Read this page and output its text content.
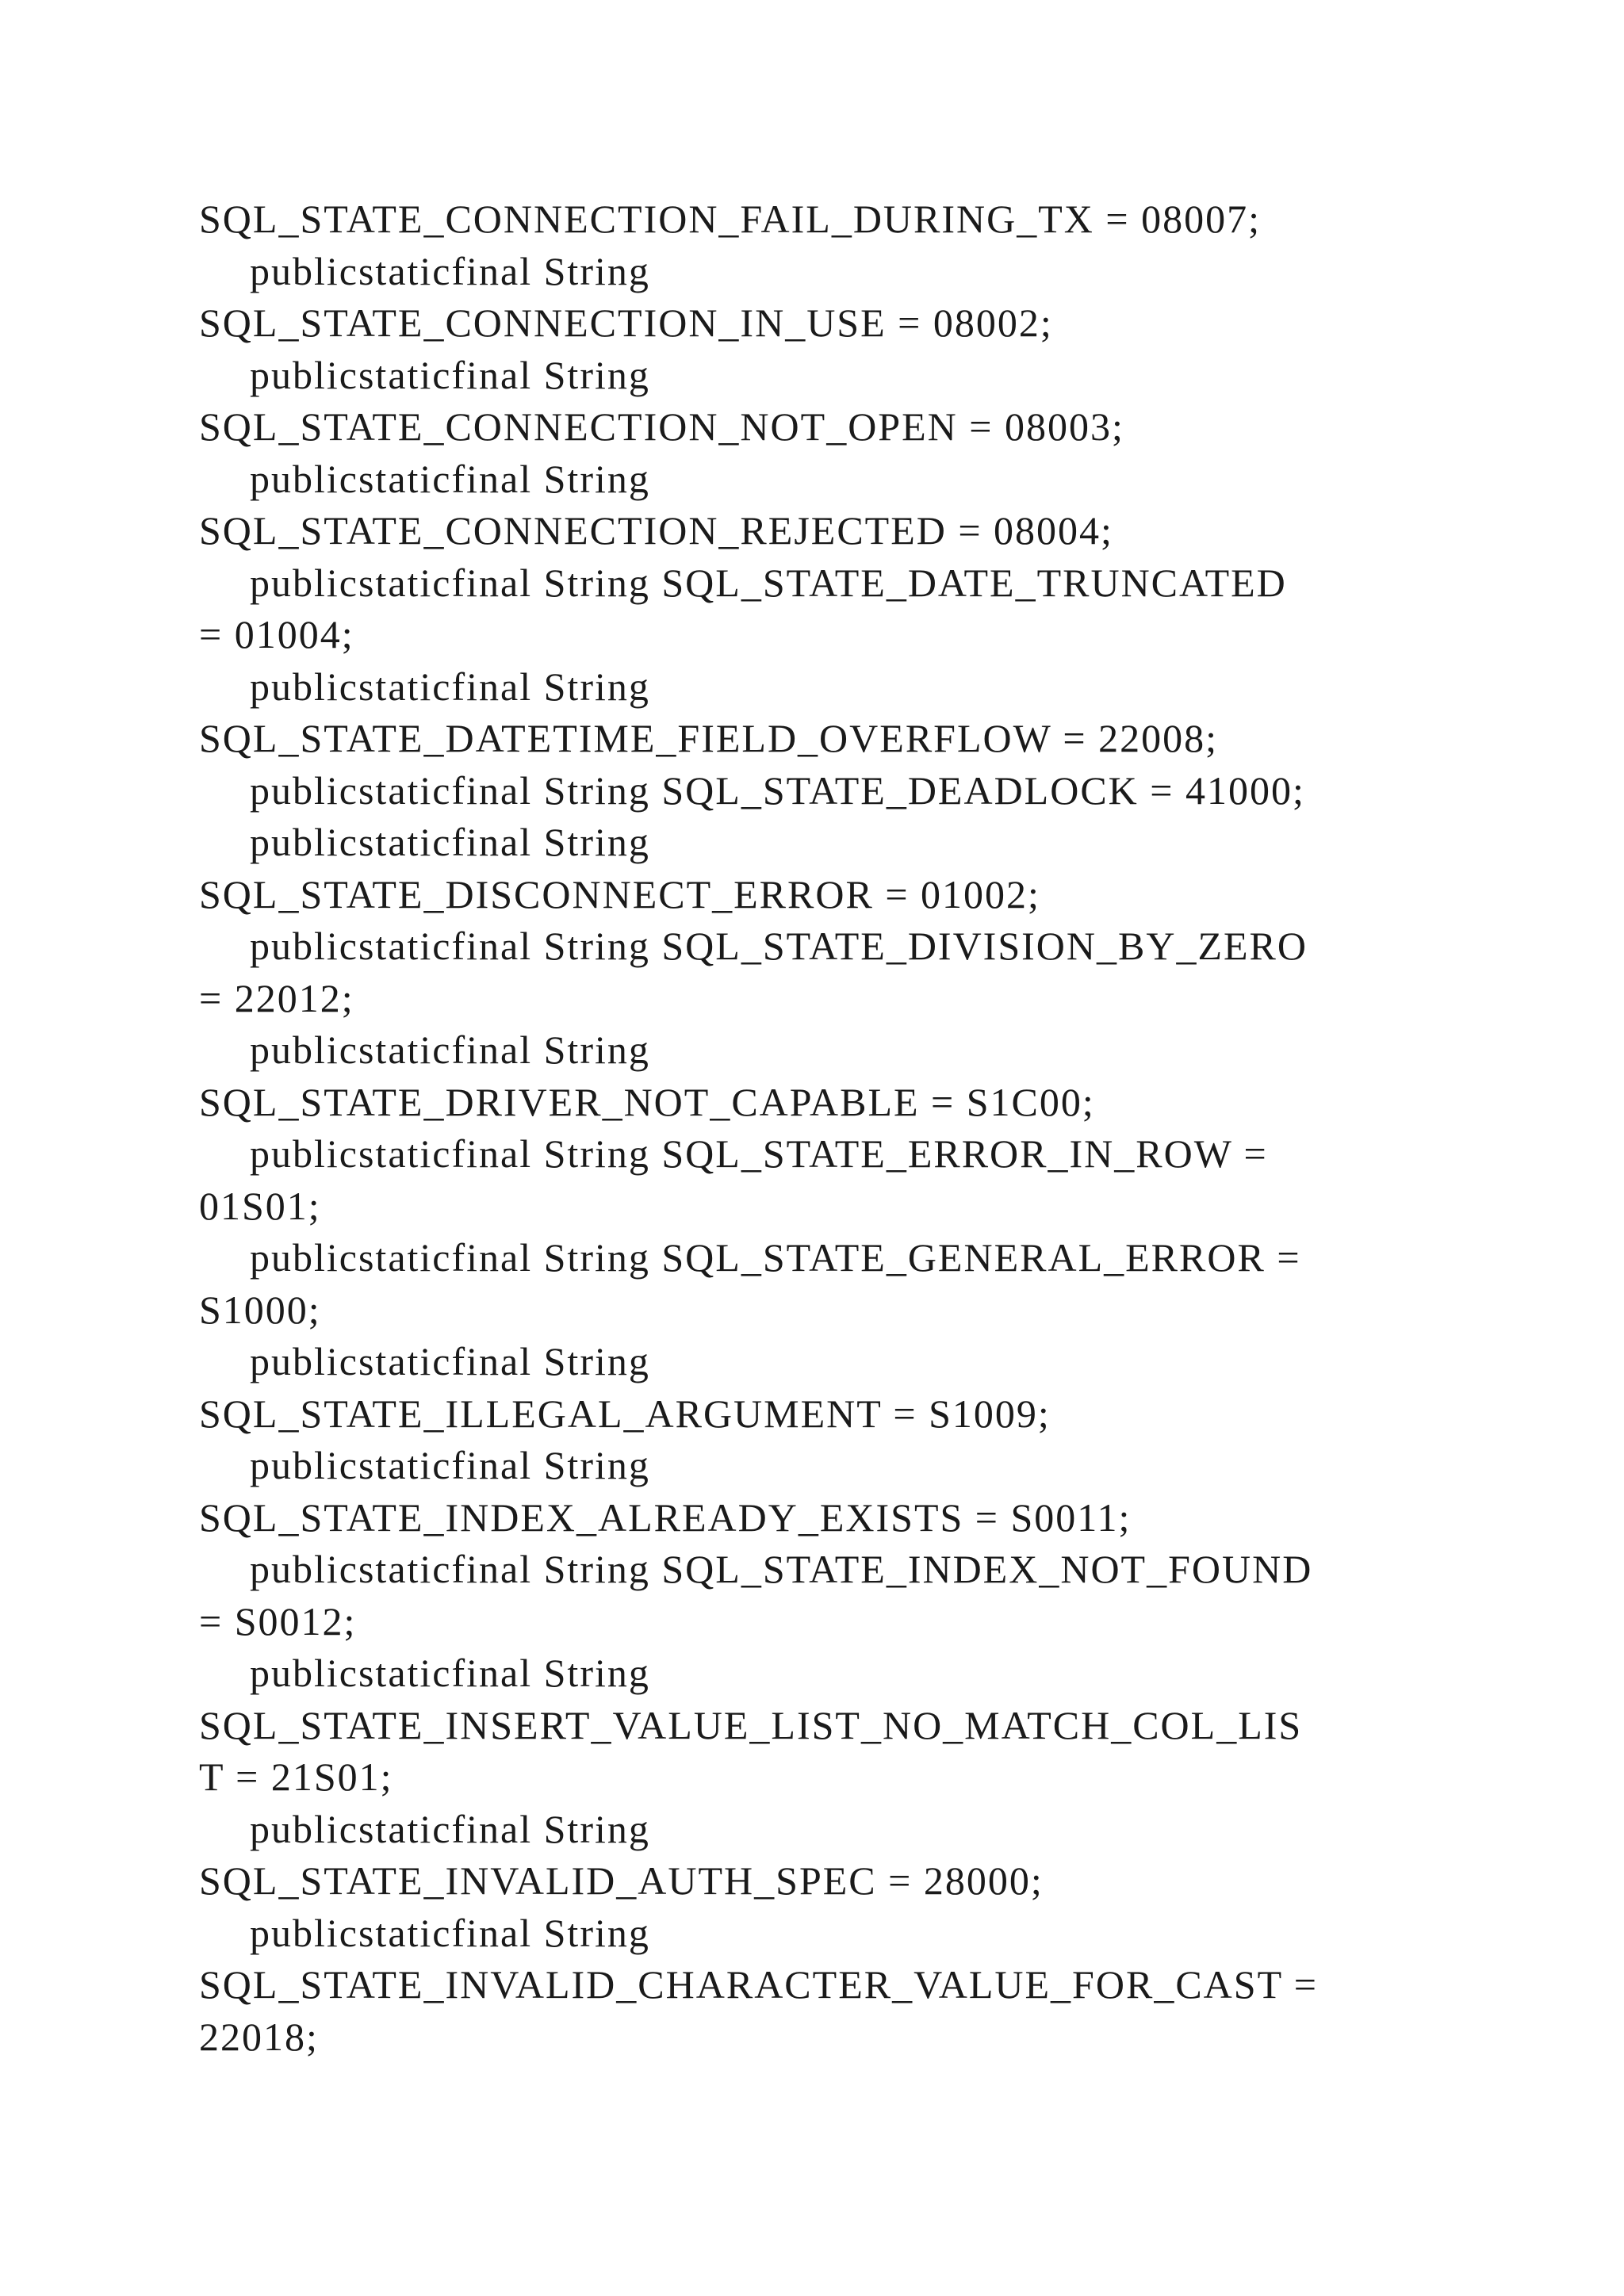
SQL_STATE_CONNECTION_FAIL_DURING_TX = 08007;
publicstaticfinal String
SQL_STATE_CONNECTION_IN_USE = 08002;
publicstaticfinal String
SQL_STATE_CONNECTION_NOT_OPEN = 08003;
publicstaticfinal String
SQL_STATE_CONNECTION_REJECTED = 08004;
publicstaticfinal String SQL_STATE_DATE_TRUNCATED
= 01004;
publicstaticfinal String
SQL_STATE_DATETIME_FIELD_OVERFLOW = 22008;
publicstaticfinal String SQL_STATE_DEADLOCK = 41000;
publicstaticfinal String
SQL_STATE_DISCONNECT_ERROR = 01002;
publicstaticfinal String SQL_STATE_DIVISION_BY_ZERO
= 22012;
publicstaticfinal String
SQL_STATE_DRIVER_NOT_CAPABLE = S1C00;
publicstaticfinal String SQL_STATE_ERROR_IN_ROW =
01S01;
publicstaticfinal String SQL_STATE_GENERAL_ERROR =
S1000;
publicstaticfinal String
SQL_STATE_ILLEGAL_ARGUMENT = S1009;
publicstaticfinal String
SQL_STATE_INDEX_ALREADY_EXISTS = S0011;
publicstaticfinal String SQL_STATE_INDEX_NOT_FOUND
= S0012;
publicstaticfinal String
SQL_STATE_INSERT_VALUE_LIST_NO_MATCH_COL_LIS
T = 21S01;
publicstaticfinal String
SQL_STATE_INVALID_AUTH_SPEC = 28000;
publicstaticfinal String
SQL_STATE_INVALID_CHARACTER_VALUE_FOR_CAST =
22018;
